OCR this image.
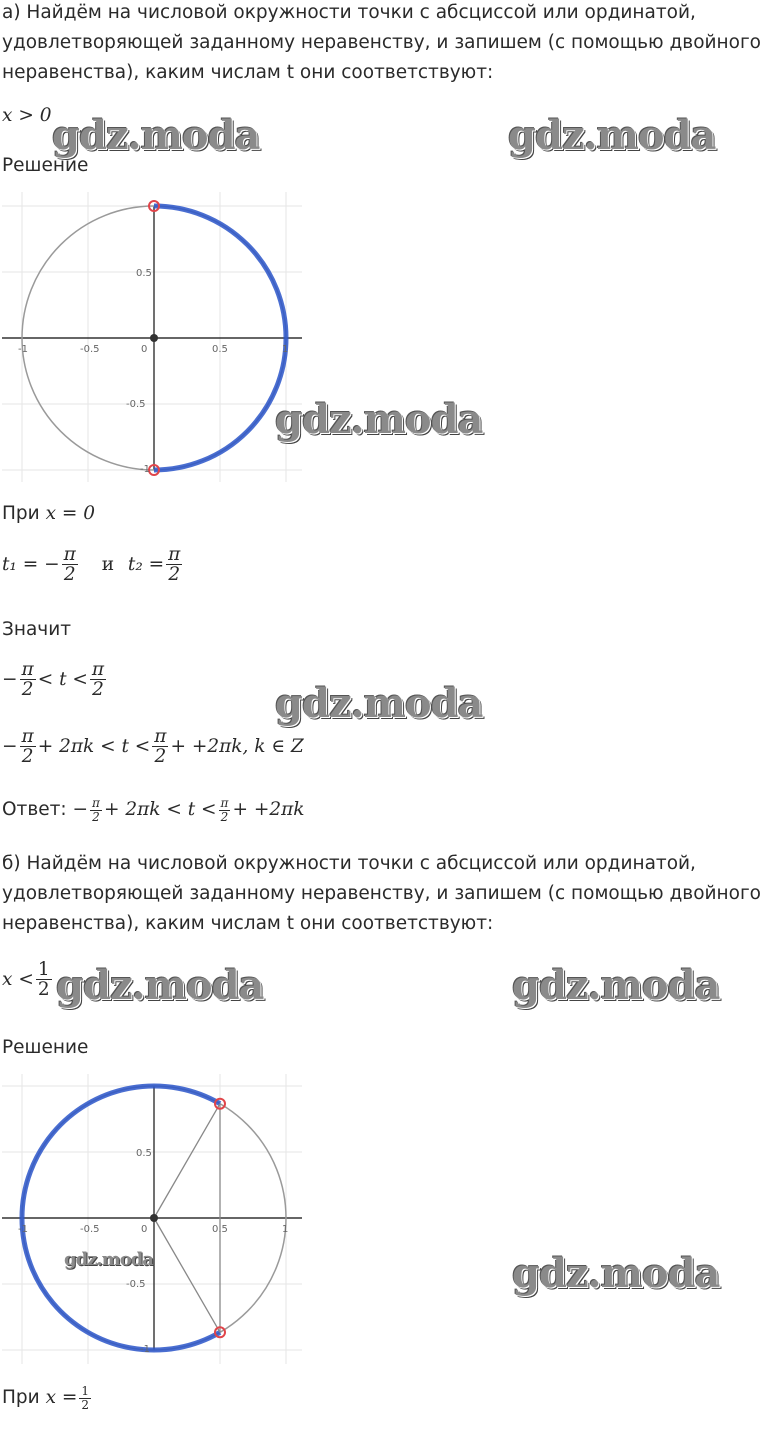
а) Найдём на числовой окружности точки с абсциссой или ординатой,
удовлетворяющей заданному неравенству, и запишем (с помощью двойного
неравенства), каким числам t они соответствуют:
x > 0 gdz.moda	gdz.moda
Решение
-1	-0.5	0	0.5	1
0.5
-0.5
-1
gdz.moda
При x = 0
t₁ = − $\frac{\pi}{2}$ и $t_2 = \frac{\pi}{2}$
Значит
− $\frac{\pi}{2} < t < \frac{\pi}{2}$
gdz.moda
− $\frac{\pi}{2} + 2\pi k < t < \frac{\pi}{2} + +2\pi k$, k ∈ Z
Ответ: − $\frac{\pi}{2} + 2\pi k < t < \frac{\pi}{2} + +2\pi k$
б) Найдём на числовой окружности точки с абсциссой или ординатой,
удовлетворяющей заданному неравенству, и запишем (с помощью двойного
неравенства), каким числам t они соответствуют:
$x < \frac{1}{2}$ gdz.moda	gdz.moda
Решение
-1	-0.5	0	0.5	1
0.5
-0.5
-1
gdz.moda	gdz.moda
При $x = \frac{1}{2}$
